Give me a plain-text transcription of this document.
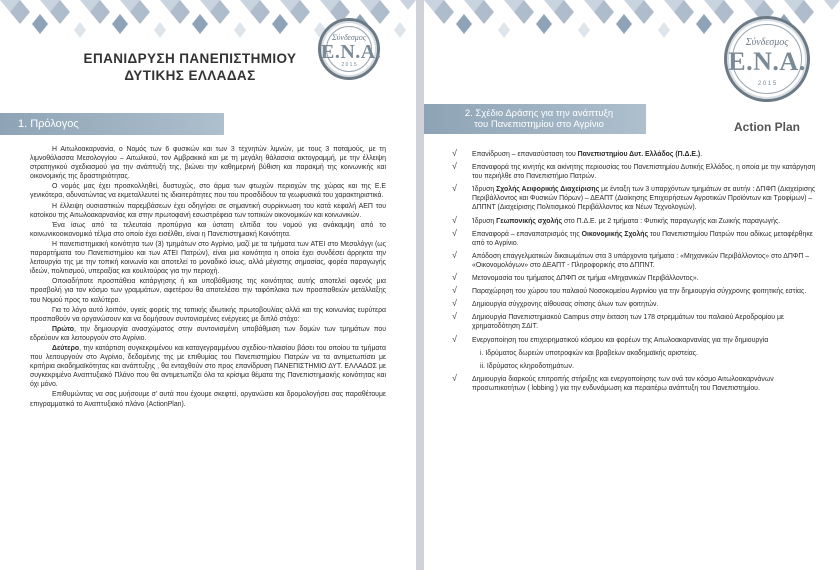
Σύνδεσμος
Ε.Ν.Α.
2 0 1 5
ΕΠΑΝΙΔΡΥΣΗ ΠΑΝΕΠΙΣΤΗΜΙΟΥ
ΔΥΤΙΚΗΣ ΕΛΛΑΔΑΣ
1. Πρόλογος

Η Αιτωλοακαρνανία, ο Νομός των 6 φυσικών και των 3 τεχνητών λιμνών, με τους 3 ποταμούς, με τη λιμνοθάλασσα Μεσολογγίου – Αιτωλικού, τον Αμβρακικό και με τη μεγάλη θάλασσια ακτογραμμή, με την έλλειψη στρατηγικού σχεδιασμού για την ανάπτυξή της, βιώνει την καθημερινή βύθιση και παρακμή της κοινωνικής και οικονομικής της δραστηριότητας.

Ο νομός μας έχει προσκολληθεί, δυστυχώς, στο άρμα των φτωχών περιοχών της χώρας και της Ε.Ε γενικότερα, αδυνατώντας να εκμεταλλευτεί τις ιδιαιτερότητες που του προσδίδουν τα γεωφυσικά του χαρακτηριστικά.

Η έλλειψη ουσιαστικών παρεμβάσεων έχει οδηγήσει σε σημαντική συρρίκνωση του κατά κεφαλή ΑΕΠ του κατοίκου της Αιτωλοακαρνανίας και στην πρωτοφανή εσωστρέφεια των τοπικών οικονομικών και κοινωνικών.

Ένα ίσως από τα τελευταία προπύργια και ύστατη ελπίδα του νομού για ανάκαμψη από το κοινωνικοοικονομικό τέλμα στο οποίο έχει εισέλθει, είναι η Πανεπιστημιακή Κοινότητα.

Η πανεπιστημιακή κοινότητα των (3) τμημάτων στο Αγρίνιο, μαζί με τα τμήματα των ΑΤΕΙ στο Μεσολόγγι (ως παραρτήματα του Πανεπιστημίου και των ΑΤΕΙ Πατρών), είναι μια κοινότητα η οποία έχει συνδέσει άρρηκτα την λειτουργία της με την τοπική κοινωνία και αποτελεί το μοναδικό ίσως, αλλά μέγιστης σημασίας, φορέα παραγωγής ιδεών, πολιτισμού, υπεραξίας και κουλτούρας για την περιοχή.

Οποιαδήποτε προσπάθεια κατάργησης ή και υποβάθμισης της κοινότητας αυτής αποτελεί αφενός μια προσβολή για τον κόσμο των γραμμάτων, αφετέρου θα αποτελέσει την ταφόπλακα των προσπαθειών μετάλλαξης του Νομού προς το καλύτερο.

Για το λόγο αυτό λοιπόν, υγιείς φορείς της τοπικής ιδιωτικής πρωτοβουλίας αλλά και της κοινωνίας ευρύτερα προσπαθούν να οργανώσουν και να δομήσουν συντονισμένες ενέργειες με διπλό στόχο:

Πρώτο, την δημιουργία ανασχώματος στην συντονισμένη υποβάθμιση των δομών των τμημάτων που εδρεύουν και λειτουργούν στο Αγρίνιο.

Δεύτερο, την κατάρτιση συγκεκριμένου και καταγεγραμμένου σχεδίου-πλαισίου βάσει του οποίου τα τμήματα που λειτουργούν στο Αγρίνιο, δεδομένης της με επιθυμίας του Πανεπιστημίου Πατρών να τα αντιμετωπίσει με κριτήρια ακαδημαϊκότητας και ανάπτυξης , θα ενταχθούν στο προς επανίδρυση ΠΑΝΕΠΙΣΤΗΜΙΟ ΔΥΤ. ΕΛΛΑΔΟΣ με συγκεκριμένο Αναπτυξιακό Πλάνο που θα αντιμετωπίζει όλα τα κρίσιμα θέματα της Πανεπιστημιακής κοινότητας και όχι μόνο.

Επιθυμώντας να σας μυήσουμε σ' αυτά που έχουμε σκεφτεί, οργανώσει και δρομολογήσει σας παραθέτουμε επιγραμματικά το Αναπτυξιακό πλάνο (ActionPlan).

Σύνδεσμος
Ε.Ν.Α.
2 0 1 5
2. Σχέδιο Δράσης για την ανάπτυξη
του Πανεπιστημίου στο Αγρίνιο	Action Plan
√ Επανίδρυση – επανασύσταση του Πανεπιστημίου Δυτ. Ελλάδος (Π.Δ.Ε.).
√ Επαναφορά της κινητής και ακίνητης περιουσίας του Πανεπιστημίου Δυτικής Ελλάδος, η οποία με την κατάργηση του περιήλθε στο Πανεπιστήμιο Πατρών.
√ Ίδρυση Σχολής Αειφορικής Διαχείρισης με ένταξη των 3 υπαρχόντων τμημάτων σε αυτήν : ΔΠΦΠ (Διαχείρισης Περιβάλλοντος και Φυσικών Πόρων) – ΔΕΑΠΤ (Διοίκησης Επιχειρήσεων Αγροτικών Προϊόντων και Τροφίμων) – ΔΠΠΝΤ (Διαχείρισης Πολιτισμικού Περιβάλλοντος και Νέων Τεχνολογιών).
√ Ίδρυση Γεωπονικής σχολής στο Π.Δ.Ε. με 2 τμήματα : Φυτικής παραγωγής και Ζωικής παραγωγής.
√ Επαναφορά – επαναπατρισμός της Οικονομικής Σχολής του Πανεπιστημίου Πατρών που αδίκως μεταφέρθηκε από το Αγρίνιο.
√ Απόδοση επαγγελματικών δικαιωμάτων στα 3 υπάρχοντα τμήματα : «Μηχανικών Περιβάλλοντος» στο ΔΠΦΠ – «Οικονομολόγων» στο ΔΕΑΠΤ - Πληροφορικής στο ΔΠΠΝΤ.
√ Μετονομασία του τμήματος ΔΠΦΠ σε τμήμα «Μηχανικών Περιβάλλοντος».
√ Παραχώρηση του χώρου του παλαιού Νοσοκομείου Αγρινίου για την δημιουργία σύγχρονης φοιτητικής εστίας.
√ Δημιουργία σύγχρονης αίθουσας σίτισης όλων των φοιτητών.
√ Δημιουργία Πανεπιστημιακού Campus στην έκταση των 178 στρεμμάτων του παλαιού Αεροδρομίου με χρηματοδότηση ΣΔΙΤ.
√ Ενεργοποίηση του επιχειρηματικού κόσμου και φορέων της Αιτωλοακαρνανίας για την δημιουργία
i. Ιδρύματος δωρεών υποτροφιών και βραβείων ακαδημαϊκής αριστείας.
ii. Ιδρύματος κληροδοτημάτων.
√ Δημιουργία διαρκούς επιτροπής στήριξης και ενεργοποίησης των ονά τον κόσμο Αιτωλοακαρνάνων προσωπικοτήτων ( lobbing ) για την ενδυνάμωση και περαιτέρω ανάπτυξη του Πανεπιστημίου.
